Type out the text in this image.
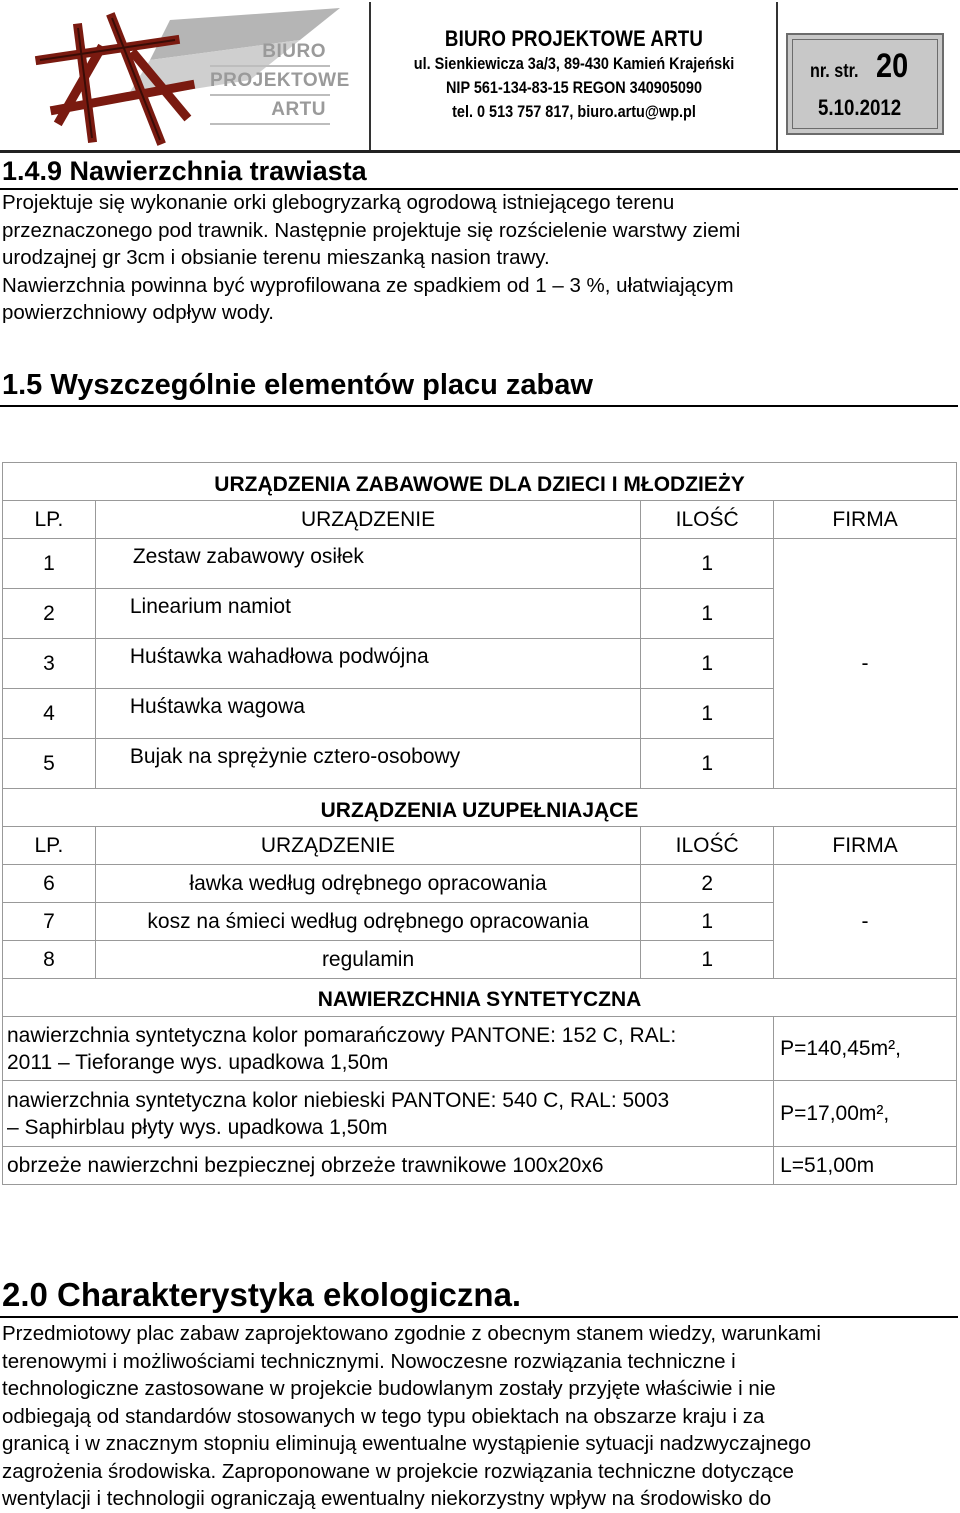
BIURO
PROJEKTOWE
ARTU
BIURO PROJEKTOWE ARTU
ul. Sienkiewicza 3a/3, 89-430 Kamień Krajeński
NIP 561-134-83-15 REGON 340905090
tel. 0 513 757 817, biuro.artu@wp.pl
nr. str. 20
5.10.2012
1.4.9 Nawierzchnia trawiasta
Projektuje się wykonanie orki glebogryzarką ogrodową istniejącego terenu
przeznaczonego pod trawnik. Następnie projektuje się rozścielenie warstwy ziemi
urodzajnej gr 3cm i obsianie terenu mieszanką nasion trawy.
Nawierzchnia powinna być wyprofilowana ze spadkiem od 1 – 3 %, ułatwiającym
powierzchniowy odpływ wody.
1.5 Wyszczególnie elementów placu zabaw
URZĄDZENIA ZABAWOWE DLA DZIECI I MŁODZIEŻY			
LP.	URZĄDZENIE	ILOŚĆ	FIRMA
1	Zestaw zabawowy osiłek	1	-
2	Linearium namiot	1	
3	Huśtawka wahadłowa podwójna	1	
4	Huśtawka wagowa	1	
5	Bujak na sprężynie cztero-osobowy	1	
URZĄDZENIA UZUPEŁNIAJĄCE			
LP.	URZĄDZENIE	ILOŚĆ	FIRMA
6	ławka według odrębnego opracowania	2	-
7	kosz na śmieci według odrębnego opracowania	1	
8	regulamin	1	
NAWIERZCHNIA SYNTETYCZNA			

nawierzchnia syntetyczna kolor pomarańczowy PANTONE: 152 C, RAL:
2011 – Tieforange wys. upadkowa 1,50m			P=140,45m²,

nawierzchnia syntetyczna kolor niebieski PANTONE: 540 C, RAL: 5003
– Saphirblau płyty wys. upadkowa 1,50m			P=17,00m²,
obrzeże nawierzchni bezpiecznej obrzeże trawnikowe 100x20x6			L=51,00m
2.0 Charakterystyka ekologiczna.
Przedmiotowy plac zabaw zaprojektowano zgodnie z obecnym stanem wiedzy, warunkami
terenowymi i możliwościami technicznymi. Nowoczesne rozwiązania techniczne i
technologiczne zastosowane w projekcie budowlanym zostały przyjęte właściwie i nie
odbiegają od standardów stosowanych w tego typu obiektach na obszarze kraju i za
granicą i w znacznym stopniu eliminują ewentualne wystąpienie sytuacji nadzwyczajnego
zagrożenia środowiska. Zaproponowane w projekcie rozwiązania techniczne dotyczące
wentylacji i technologii ograniczają ewentualny niekorzystny wpływ na środowisko do
